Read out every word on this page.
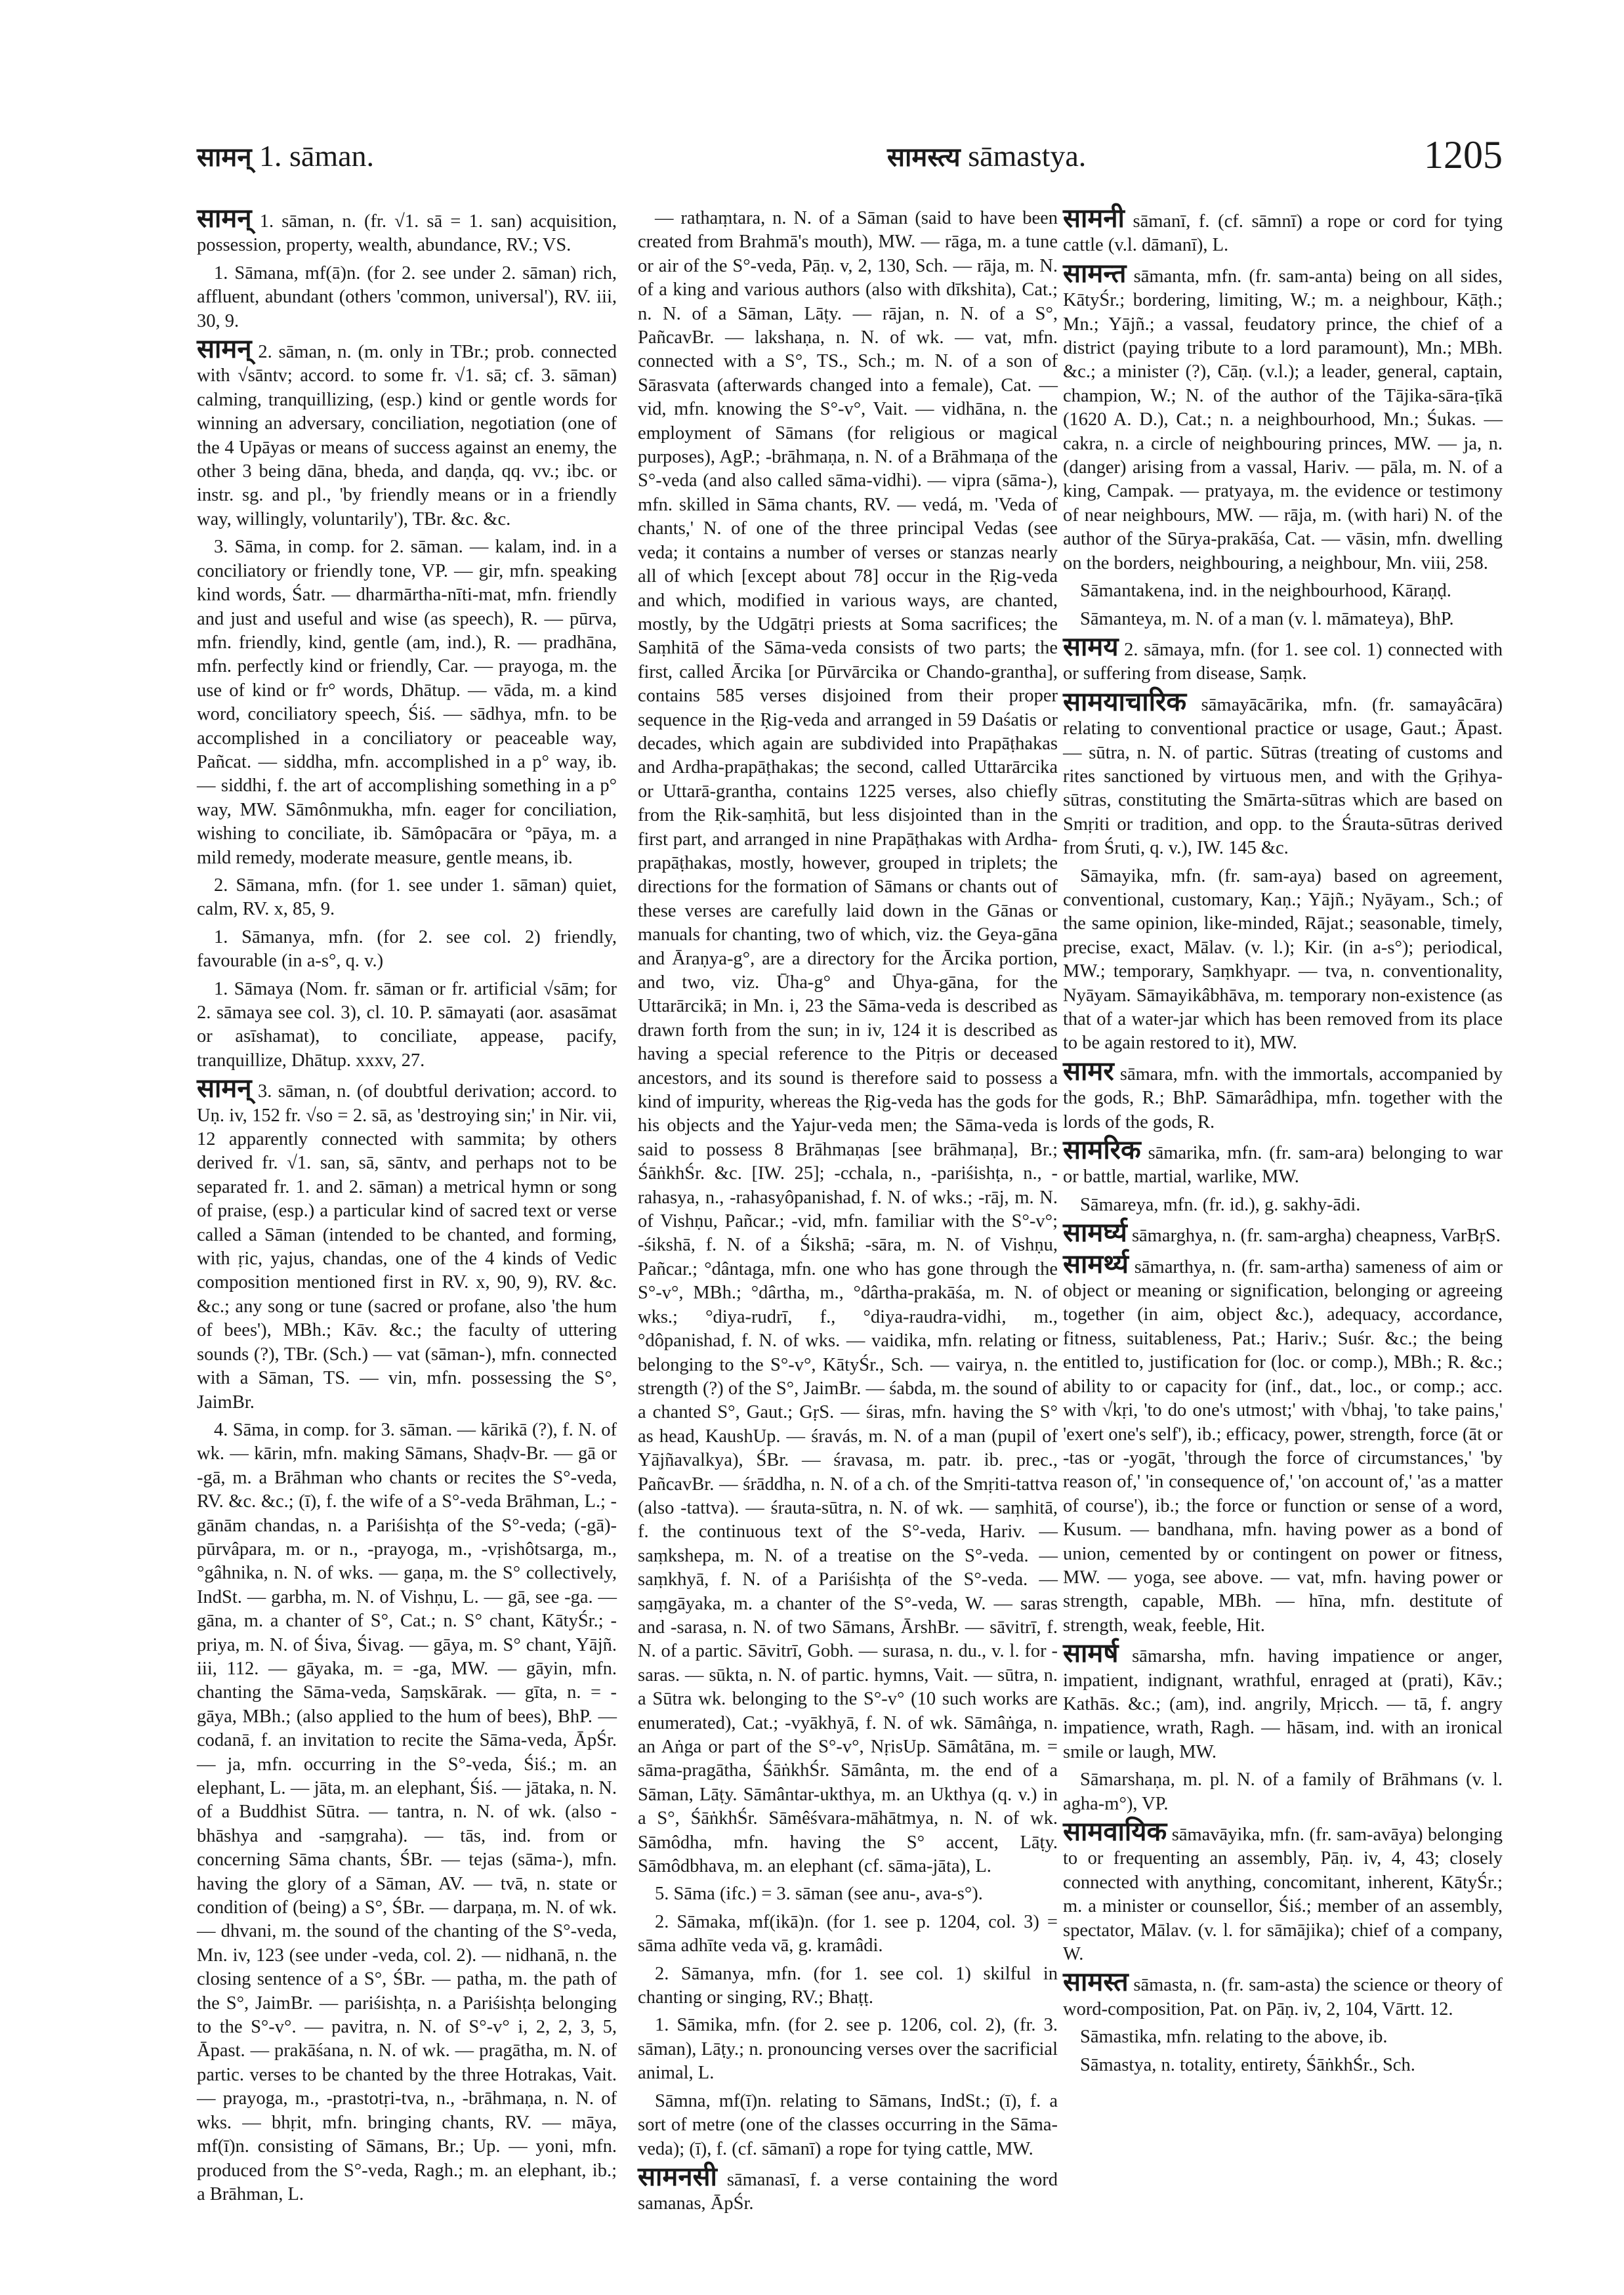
सामन् 1. sāman.	सामस्त्य sāmastya.	1205

सामन् 1. sāman, n. (fr. √1. sā = 1. san) acquisition, possession, property, wealth, abundance, RV.; VS.

1. Sāmana, mf(ā)n. (for 2. see under 2. sāman) rich, affluent, abundant (others 'common, universal'), RV. iii, 30, 9.

सामन् 2. sāman, n. (m. only in TBr.; prob. connected with √sāntv; accord. to some fr. √1. sā; cf. 3. sāman) calming, tranquillizing, (esp.) kind or gentle words for winning an adversary, conciliation, negotiation (one of the 4 Upāyas or means of success against an enemy, the other 3 being dāna, bheda, and daṇḍa, qq. vv.; ibc. or instr. sg. and pl., 'by friendly means or in a friendly way, willingly, voluntarily'), TBr. &c. &c.

3. Sāma, in comp. for 2. sāman. — kalam, ind. in a conciliatory or friendly tone, VP. — gir, mfn. speaking kind words, Śatr. — dharmārtha-nīti-mat, mfn. friendly and just and useful and wise (as speech), R. — pūrva, mfn. friendly, kind, gentle (am, ind.), R. — pradhāna, mfn. perfectly kind or friendly, Car. — prayoga, m. the use of kind or fr° words, Dhātup. — vāda, m. a kind word, conciliatory speech, Śiś. — sādhya, mfn. to be accomplished in a conciliatory or peaceable way, Pañcat. — siddha, mfn. accomplished in a p° way, ib. — siddhi, f. the art of accomplishing something in a p° way, MW. Sāmônmukha, mfn. eager for conciliation, wishing to conciliate, ib. Sāmôpacāra or °pāya, m. a mild remedy, moderate measure, gentle means, ib.

2. Sāmana, mfn. (for 1. see under 1. sāman) quiet, calm, RV. x, 85, 9.

1. Sāmanya, mfn. (for 2. see col. 2) friendly, favourable (in a-s°, q. v.)

1. Sāmaya (Nom. fr. sāman or fr. artificial √sām; for 2. sāmaya see col. 3), cl. 10. P. sāmayati (aor. asasāmat or asīshamat), to conciliate, appease, pacify, tranquillize, Dhātup. xxxv, 27.

सामन् 3. sāman, n. (of doubtful derivation; accord. to Uṇ. iv, 152 fr. √so = 2. sā, as 'destroying sin;' in Nir. vii, 12 apparently connected with sammita; by others derived fr. √1. san, sā, sāntv, and perhaps not to be separated fr. 1. and 2. sāman) a metrical hymn or song of praise, (esp.) a particular kind of sacred text or verse called a Sāman (intended to be chanted, and forming, with ṛic, yajus, chandas, one of the 4 kinds of Vedic composition mentioned first in RV. x, 90, 9), RV. &c. &c.; any song or tune (sacred or profane, also 'the hum of bees'), MBh.; Kāv. &c.; the faculty of uttering sounds (?), TBr. (Sch.) — vat (sāman-), mfn. connected with a Sāman, TS. — vin, mfn. possessing the S°, JaimBr.

4. Sāma, in comp. for 3. sāman. — kārikā (?), f. N. of wk. — kārin, mfn. making Sāmans, Shaḍv-Br. — gā or -gā, m. a Brāhman who chants or recites the S°-veda, RV. &c. &c.; (ī), f. the wife of a S°-veda Brāhman, L.; -gānām chandas, n. a Pariśishṭa of the S°-veda; (-gā)-pūrvâpara, m. or n., -prayoga, m., -vṛishôtsarga, m., °gâhnika, n. N. of wks. — gaṇa, m. the S° collectively, IndSt. — garbha, m. N. of Vishṇu, L. — gā, see -ga. — gāna, m. a chanter of S°, Cat.; n. S° chant, KātyŚr.; -priya, m. N. of Śiva, Śivag. — gāya, m. S° chant, Yājñ. iii, 112. — gāyaka, m. = -ga, MW. — gāyin, mfn. chanting the Sāma-veda, Saṃskārak. — gīta, n. = -gāya, MBh.; (also applied to the hum of bees), BhP. — codanā, f. an invitation to recite the Sāma-veda, ĀpŚr. — ja, mfn. occurring in the S°-veda, Śiś.; m. an elephant, L. — jāta, m. an elephant, Śiś. — jātaka, n. N. of a Buddhist Sūtra. — tantra, n. N. of wk. (also -bhāshya and -saṃgraha). — tās, ind. from or concerning Sāma chants, ŚBr. — tejas (sāma-), mfn. having the glory of a Sāman, AV. — tvā, n. state or condition of (being) a S°, ŚBr. — darpaṇa, m. N. of wk. — dhvani, m. the sound of the chanting of the S°-veda, Mn. iv, 123 (see under -veda, col. 2). — nidhanā, n. the closing sentence of a S°, ŚBr. — patha, m. the path of the S°, JaimBr. — pariśishṭa, n. a Pariśishṭa belonging to the S°-v°. — pavitra, n. N. of S°-v° i, 2, 2, 3, 5, Āpast. — prakāśana, n. N. of wk. — pragātha, m. N. of partic. verses to be chanted by the three Hotrakas, Vait. — prayoga, m., -prastotṛi-tva, n., -brāhmaṇa, n. N. of wks. — bhṛit, mfn. bringing chants, RV. — māya, mf(ī)n. consisting of Sāmans, Br.; Up. — yoni, mfn. produced from the S°-veda, Ragh.; m. an elephant, ib.; a Brāhman, L.

— rathaṃtara, n. N. of a Sāman (said to have been created from Brahmā's mouth), MW. — rāga, m. a tune or air of the S°-veda, Pāṇ. v, 2, 130, Sch. — rāja, m. N. of a king and various authors (also with dīkshita), Cat.; n. N. of a Sāman, Lāṭy. — rājan, n. N. of a S°, PañcavBr. — lakshaṇa, n. N. of wk. — vat, mfn. connected with a S°, TS., Sch.; m. N. of a son of Sārasvata (afterwards changed into a female), Cat. — vid, mfn. knowing the S°-v°, Vait. — vidhāna, n. the employment of Sāmans (for religious or magical purposes), AgP.; -brāhmaṇa, n. N. of a Brāhmaṇa of the S°-veda (and also called sāma-vidhi). — vipra (sāma-), mfn. skilled in Sāma chants, RV. — vedá, m. 'Veda of chants,' N. of one of the three principal Vedas (see veda; it contains a number of verses or stanzas nearly all of which [except about 78] occur in the Ṛig-veda and which, modified in various ways, are chanted, mostly, by the Udgātṛi priests at Soma sacrifices; the Saṃhitā of the Sāma-veda consists of two parts; the first, called Ārcika [or Pūrvārcika or Chando-grantha], contains 585 verses disjoined from their proper sequence in the Ṛig-veda and arranged in 59 Daśatis or decades, which again are subdivided into Prapāṭhakas and Ardha-prapāṭhakas; the second, called Uttarārcika or Uttarā-grantha, contains 1225 verses, also chiefly from the Ṛik-saṃhitā, but less disjointed than in the first part, and arranged in nine Prapāṭhakas with Ardha-prapāṭhakas, mostly, however, grouped in triplets; the directions for the formation of Sāmans or chants out of these verses are carefully laid down in the Gānas or manuals for chanting, two of which, viz. the Geya-gāna and Āraṇya-g°, are a directory for the Ārcika portion, and two, viz. Ūha-g° and Ūhya-gāna, for the Uttarārcikā; in Mn. i, 23 the Sāma-veda is described as drawn forth from the sun; in iv, 124 it is described as having a special reference to the Pitṛis or deceased ancestors, and its sound is therefore said to possess a kind of impurity, whereas the Ṛig-veda has the gods for his objects and the Yajur-veda men; the Sāma-veda is said to possess 8 Brāhmaṇas [see brāhmaṇa], Br.; ŚāṅkhŚr. &c. [IW. 25]; -cchala, n., -pariśishṭa, n., -rahasya, n., -rahasyôpanishad, f. N. of wks.; -rāj, m. N. of Vishṇu, Pañcar.; -vid, mfn. familiar with the S°-v°; -śikshā, f. N. of a Śikshā; -sāra, m. N. of Vishṇu, Pañcar.; °dântaga, mfn. one who has gone through the S°-v°, MBh.; °dârtha, m., °dârtha-prakāśa, m. N. of wks.; °diya-rudrī, f., °diya-raudra-vidhi, m., °dôpanishad, f. N. of wks. — vaidika, mfn. relating or belonging to the S°-v°, KātyŚr., Sch. — vairya, n. the strength (?) of the S°, JaimBr. — śabda, m. the sound of a chanted S°, Gaut.; GṛS. — śiras, mfn. having the S° as head, KaushUp. — śravás, m. N. of a man (pupil of Yājñavalkya), ŚBr. — śravasa, m. patr. ib. prec., PañcavBr. — śrāddha, n. N. of a ch. of the Smṛiti-tattva (also -tattva). — śrauta-sūtra, n. N. of wk. — saṃhitā, f. the continuous text of the S°-veda, Hariv. — saṃkshepa, m. N. of a treatise on the S°-veda. — saṃkhyā, f. N. of a Pariśishṭa of the S°-veda. — saṃgāyaka, m. a chanter of the S°-veda, W. — saras and -sarasa, n. N. of two Sāmans, ĀrshBr. — sāvitrī, f. N. of a partic. Sāvitrī, Gobh. — surasa, n. du., v. l. for -saras. — sūkta, n. N. of partic. hymns, Vait. — sūtra, n. a Sūtra wk. belonging to the S°-v° (10 such works are enumerated), Cat.; -vyākhyā, f. N. of wk. Sāmâṅga, n. an Aṅga or part of the S°-v°, NṛisUp. Sāmâtāna, m. = sāma-pragātha, ŚāṅkhŚr. Sāmânta, m. the end of a Sāman, Lāṭy. Sāmântar-ukthya, m. an Ukthya (q. v.) in a S°, ŚāṅkhŚr. Sāmêśvara-māhātmya, n. N. of wk. Sāmôdha, mfn. having the S° accent, Lāṭy. Sāmôdbhava, m. an elephant (cf. sāma-jāta), L.

5. Sāma (ifc.) = 3. sāman (see anu-, ava-s°).

2. Sāmaka, mf(ikā)n. (for 1. see p. 1204, col. 3) = sāma adhīte veda vā, g. kramâdi.

2. Sāmanya, mfn. (for 1. see col. 1) skilful in chanting or singing, RV.; Bhaṭṭ.

1. Sāmika, mfn. (for 2. see p. 1206, col. 2), (fr. 3. sāman), Lāṭy.; n. pronouncing verses over the sacrificial animal, L.

Sāmna, mf(ī)n. relating to Sāmans, IndSt.; (ī), f. a sort of metre (one of the classes occurring in the Sāma-veda); (ī), f. (cf. sāmanī) a rope for tying cattle, MW.

सामनसी sāmanasī, f. a verse containing the word samanas, ĀpŚr.

सामनी sāmanī, f. (cf. sāmnī) a rope or cord for tying cattle (v.l. dāmanī), L.

सामन्त sāmanta, mfn. (fr. sam-anta) being on all sides, KātyŚr.; bordering, limiting, W.; m. a neighbour, Kāṭh.; Mn.; Yājñ.; a vassal, feudatory prince, the chief of a district (paying tribute to a lord paramount), Mn.; MBh. &c.; a minister (?), Cāṇ. (v.l.); a leader, general, captain, champion, W.; N. of the author of the Tājika-sāra-ṭīkā (1620 A. D.), Cat.; n. a neighbourhood, Mn.; Śukas. — cakra, n. a circle of neighbouring princes, MW. — ja, n. (danger) arising from a vassal, Hariv. — pāla, m. N. of a king, Campak. — pratyaya, m. the evidence or testimony of near neighbours, MW. — rāja, m. (with hari) N. of the author of the Sūrya-prakāśa, Cat. — vāsin, mfn. dwelling on the borders, neighbouring, a neighbour, Mn. viii, 258.

Sāmantakena, ind. in the neighbourhood, Kāraṇḍ.

Sāmanteya, m. N. of a man (v. l. māmateya), BhP.

सामय 2. sāmaya, mfn. (for 1. see col. 1) connected with or suffering from disease, Saṃk.

सामयाचारिक sāmayācārika, mfn. (fr. samayâcāra) relating to conventional practice or usage, Gaut.; Āpast. — sūtra, n. N. of partic. Sūtras (treating of customs and rites sanctioned by virtuous men, and with the Gṛihya-sūtras, constituting the Smārta-sūtras which are based on Smṛiti or tradition, and opp. to the Śrauta-sūtras derived from Śruti, q. v.), IW. 145 &c.

Sāmayika, mfn. (fr. sam-aya) based on agreement, conventional, customary, Kaṇ.; Yājñ.; Nyāyam., Sch.; of the same opinion, like-minded, Rājat.; seasonable, timely, precise, exact, Mālav. (v. l.); Kir. (in a-s°); periodical, MW.; temporary, Saṃkhyapr. — tva, n. conventionality, Nyāyam. Sāmayikâbhāva, m. temporary non-existence (as that of a water-jar which has been removed from its place to be again restored to it), MW.

सामर sāmara, mfn. with the immortals, accompanied by the gods, R.; BhP. Sāmarâdhipa, mfn. together with the lords of the gods, R.

सामरिक sāmarika, mfn. (fr. sam-ara) belonging to war or battle, martial, warlike, MW.

Sāmareya, mfn. (fr. id.), g. sakhy-ādi.

सामर्घ्य sāmarghya, n. (fr. sam-argha) cheapness, VarBṛS.

सामर्थ्य sāmarthya, n. (fr. sam-artha) sameness of aim or object or meaning or signification, belonging or agreeing together (in aim, object &c.), adequacy, accordance, fitness, suitableness, Pat.; Hariv.; Suśr. &c.; the being entitled to, justification for (loc. or comp.), MBh.; R. &c.; ability to or capacity for (inf., dat., loc., or comp.; acc. with √kṛi, 'to do one's utmost;' with √bhaj, 'to take pains,' 'exert one's self'), ib.; efficacy, power, strength, force (āt or -tas or -yogāt, 'through the force of circumstances,' 'by reason of,' 'in consequence of,' 'on account of,' 'as a matter of course'), ib.; the force or function or sense of a word, Kusum. — bandhana, mfn. having power as a bond of union, cemented by or contingent on power or fitness, MW. — yoga, see above. — vat, mfn. having power or strength, capable, MBh. — hīna, mfn. destitute of strength, weak, feeble, Hit.

सामर्ष sāmarsha, mfn. having impatience or anger, impatient, indignant, wrathful, enraged at (prati), Kāv.; Kathās. &c.; (am), ind. angrily, Mṛicch. — tā, f. angry impatience, wrath, Ragh. — hāsam, ind. with an ironical smile or laugh, MW.

Sāmarshaṇa, m. pl. N. of a family of Brāhmans (v. l. agha-m°), VP.

सामवायिक sāmavāyika, mfn. (fr. sam-avāya) belonging to or frequenting an assembly, Pāṇ. iv, 4, 43; closely connected with anything, concomitant, inherent, KātyŚr.; m. a minister or counsellor, Śiś.; member of an assembly, spectator, Mālav. (v. l. for sāmājika); chief of a company, W.

सामस्त sāmasta, n. (fr. sam-asta) the science or theory of word-composition, Pat. on Pāṇ. iv, 2, 104, Vārtt. 12.

Sāmastika, mfn. relating to the above, ib.

Sāmastya, n. totality, entirety, ŚāṅkhŚr., Sch.
